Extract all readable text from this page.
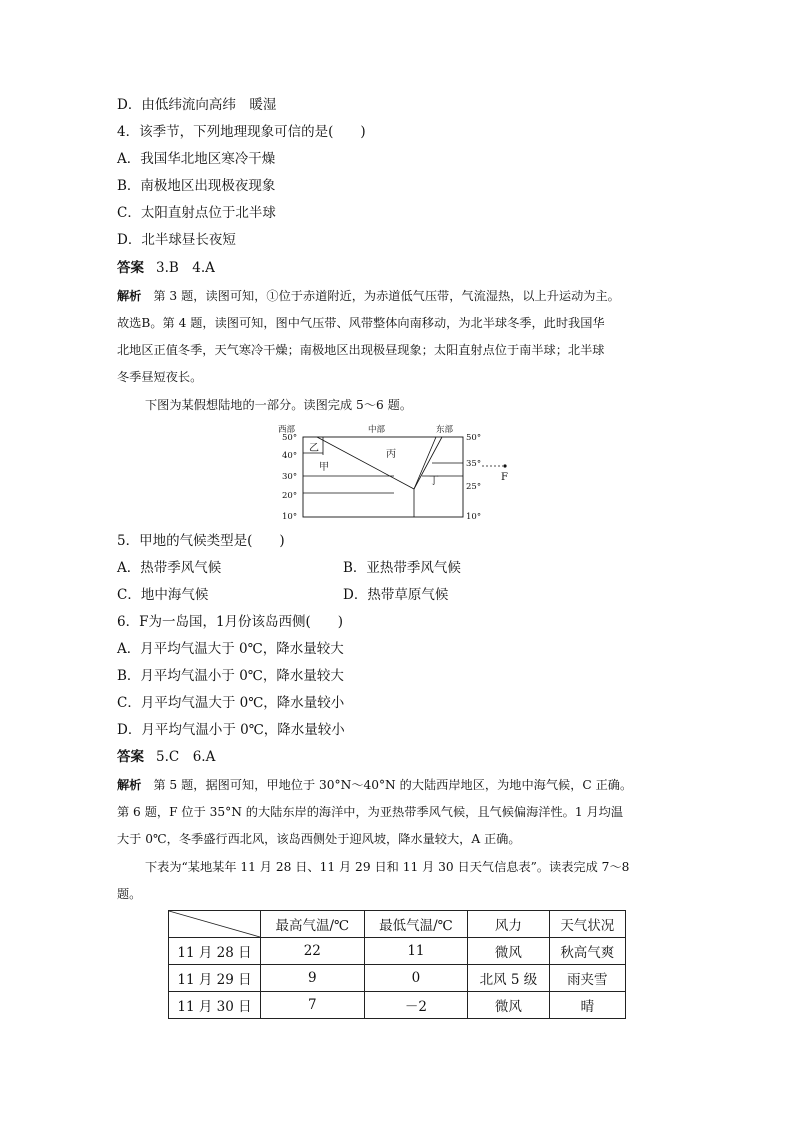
D．由低纬流向高纬　暖湿
4．该季节，下列地理现象可信的是(　　)
A．我国华北地区寒冷干燥
B．南极地区出现极夜现象
C．太阳直射点位于北半球
D．北半球昼长夜短
答案 3.B　4.A
解析 第 3 题，读图可知，①位于赤道附近，为赤道低气压带，气流湿热，以上升运动为主。
故选B。第 4 题，读图可知，图中气压带、风带整体向南移动，为北半球冬季，此时我国华
北地区正值冬季，天气寒冷干燥；南极地区出现极昼现象；太阳直射点位于南半球；北半球
冬季昼短夜长。
下图为某假想陆地的一部分。读图完成 5～6 题。
西部	中部	东部
50°
40°
30°
20°
10°
50°
35°
25°
10°
乙
甲
丙
丁	F
5．甲地的气候类型是(　　)
A．热带季风气候	B．亚热带季风气候
C．地中海气候	D．热带草原气候
6．F为一岛国，1月份该岛西侧(　　)
A．月平均气温大于 0℃，降水量较大
B．月平均气温小于 0℃，降水量较大
C．月平均气温大于 0℃，降水量较小
D．月平均气温小于 0℃，降水量较小
答案 5.C　6.A
解析 第 5 题，据图可知，甲地位于 30°N～40°N 的大陆西岸地区，为地中海气候，C 正确。
第 6 题，F 位于 35°N 的大陆东岸的海洋中，为亚热带季风气候，且气候偏海洋性。1 月均温
大于 0℃，冬季盛行西北风，该岛西侧处于迎风坡，降水量较大，A 正确。
下表为“某地某年 11 月 28 日、11 月 29 日和 11 月 30 日天气信息表”。读表完成 7～8
题。
	最高气温/℃	最低气温/℃	风力	天气状况
11 月 28 日	22	11	微风	秋高气爽
11 月 29 日	9	0	北风 5 级	雨夹雪
11 月 30 日	7	－2	微风	晴
